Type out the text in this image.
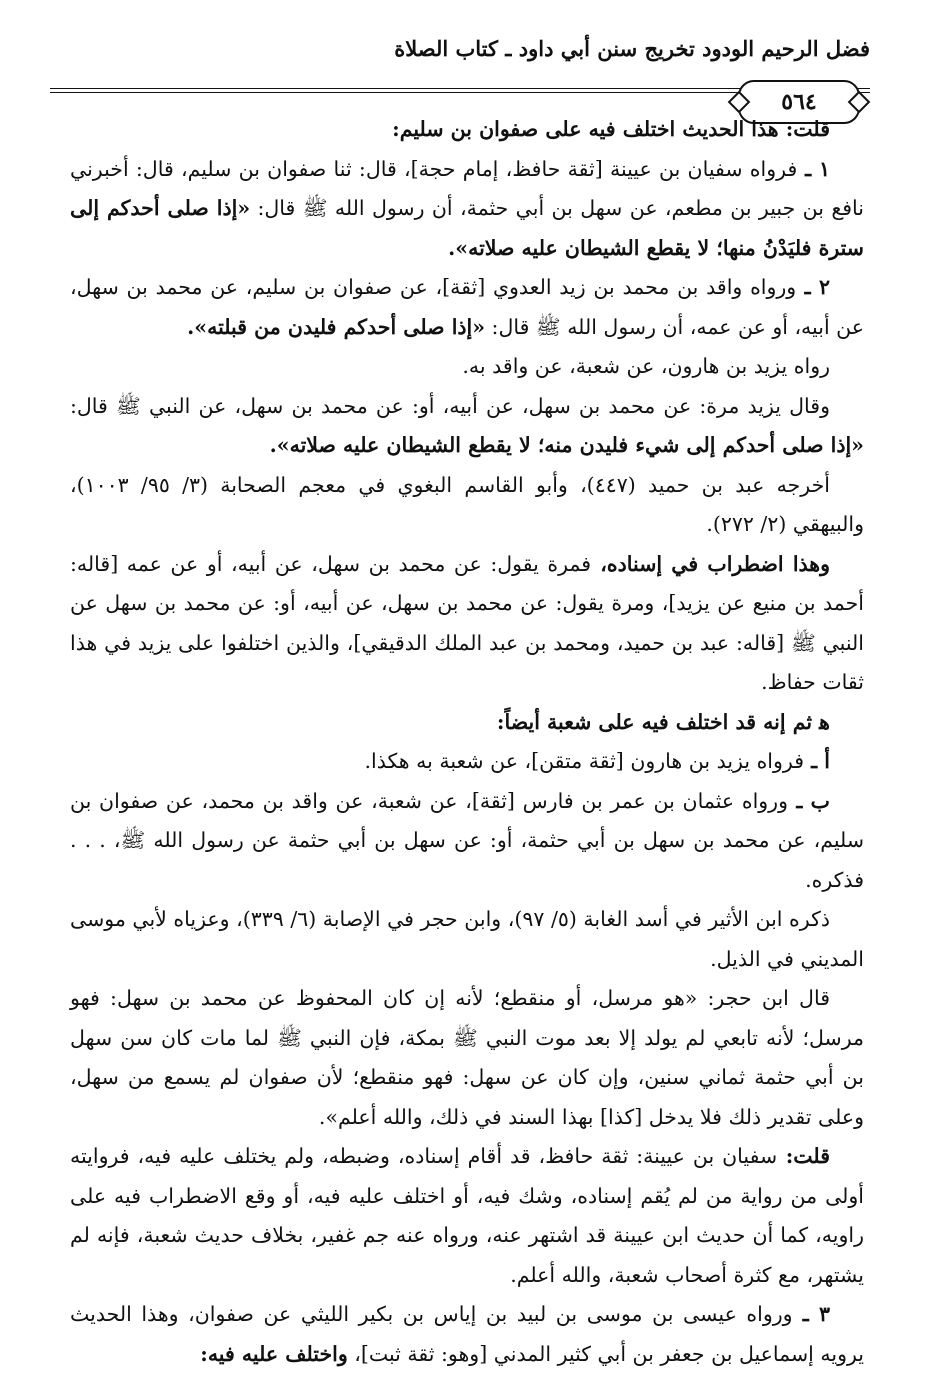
فضل الرحيم الودود تخريج سنن أبي داود ـ كتاب الصلاة
٥٦٤

قلت: هذا الحديث اختلف فيه على صفوان بن سليم:

١ ـ فرواه سفيان بن عيينة [ثقة حافظ، إمام حجة]، قال: ثنا صفوان بن سليم، قال: أخبرني نافع بن جبير بن مطعم، عن سهل بن أبي حثمة، أن رسول الله ﷺ قال: «إذا صلى أحدكم إلى سترة فليَدْنُ منها؛ لا يقطع الشيطان عليه صلاته».

٢ ـ ورواه واقد بن محمد بن زيد العدوي [ثقة]، عن صفوان بن سليم، عن محمد بن سهل، عن أبيه، أو عن عمه، أن رسول الله ﷺ قال: «إذا صلى أحدكم فليدن من قبلته».

رواه يزيد بن هارون، عن شعبة، عن واقد به.

وقال يزيد مرة: عن محمد بن سهل، عن أبيه، أو: عن محمد بن سهل، عن النبي ﷺ قال: «إذا صلى أحدكم إلى شيء فليدن منه؛ لا يقطع الشيطان عليه صلاته».

أخرجه عبد بن حميد (٤٤٧)، وأبو القاسم البغوي في معجم الصحابة (٣/ ٩٥/ ١٠٠٣)، والبيهقي (٢/ ٢٧٢).

وهذا اضطراب في إسناده، فمرة يقول: عن محمد بن سهل، عن أبيه، أو عن عمه [قاله: أحمد بن منيع عن يزيد]، ومرة يقول: عن محمد بن سهل، عن أبيه، أو: عن محمد بن سهل عن النبي ﷺ [قاله: عبد بن حميد، ومحمد بن عبد الملك الدقيقي]، والذين اختلفوا على يزيد في هذا ثقات حفاظ.

ﻫ ثم إنه قد اختلف فيه على شعبة أيضاً:

أ ـ فرواه يزيد بن هارون [ثقة متقن]، عن شعبة به هكذا.

ب ـ ورواه عثمان بن عمر بن فارس [ثقة]، عن شعبة، عن واقد بن محمد، عن صفوان بن سليم، عن محمد بن سهل بن أبي حثمة، أو: عن سهل بن أبي حثمة عن رسول الله ﷺ، . . . فذكره.

ذكره ابن الأثير في أسد الغابة (٥/ ٩٧)، وابن حجر في الإصابة (٦/ ٣٣٩)، وعزياه لأبي موسى المديني في الذيل.

قال ابن حجر: «هو مرسل، أو منقطع؛ لأنه إن كان المحفوظ عن محمد بن سهل: فهو مرسل؛ لأنه تابعي لم يولد إلا بعد موت النبي ﷺ بمكة، فإن النبي ﷺ لما مات كان سن سهل بن أبي حثمة ثماني سنين، وإن كان عن سهل: فهو منقطع؛ لأن صفوان لم يسمع من سهل، وعلى تقدير ذلك فلا يدخل [كذا] بهذا السند في ذلك، والله أعلم».

قلت: سفيان بن عيينة: ثقة حافظ، قد أقام إسناده، وضبطه، ولم يختلف عليه فيه، فروايته أولى من رواية من لم يُقم إسناده، وشك فيه، أو اختلف عليه فيه، أو وقع الاضطراب فيه على راويه، كما أن حديث ابن عيينة قد اشتهر عنه، ورواه عنه جم غفير، بخلاف حديث شعبة، فإنه لم يشتهر، مع كثرة أصحاب شعبة، والله أعلم.

٣ ـ ورواه عيسى بن موسى بن لبيد بن إياس بن بكير الليثي عن صفوان، وهذا الحديث يرويه إسماعيل بن جعفر بن أبي كثير المدني [وهو: ثقة ثبت]، واختلف عليه فيه:
